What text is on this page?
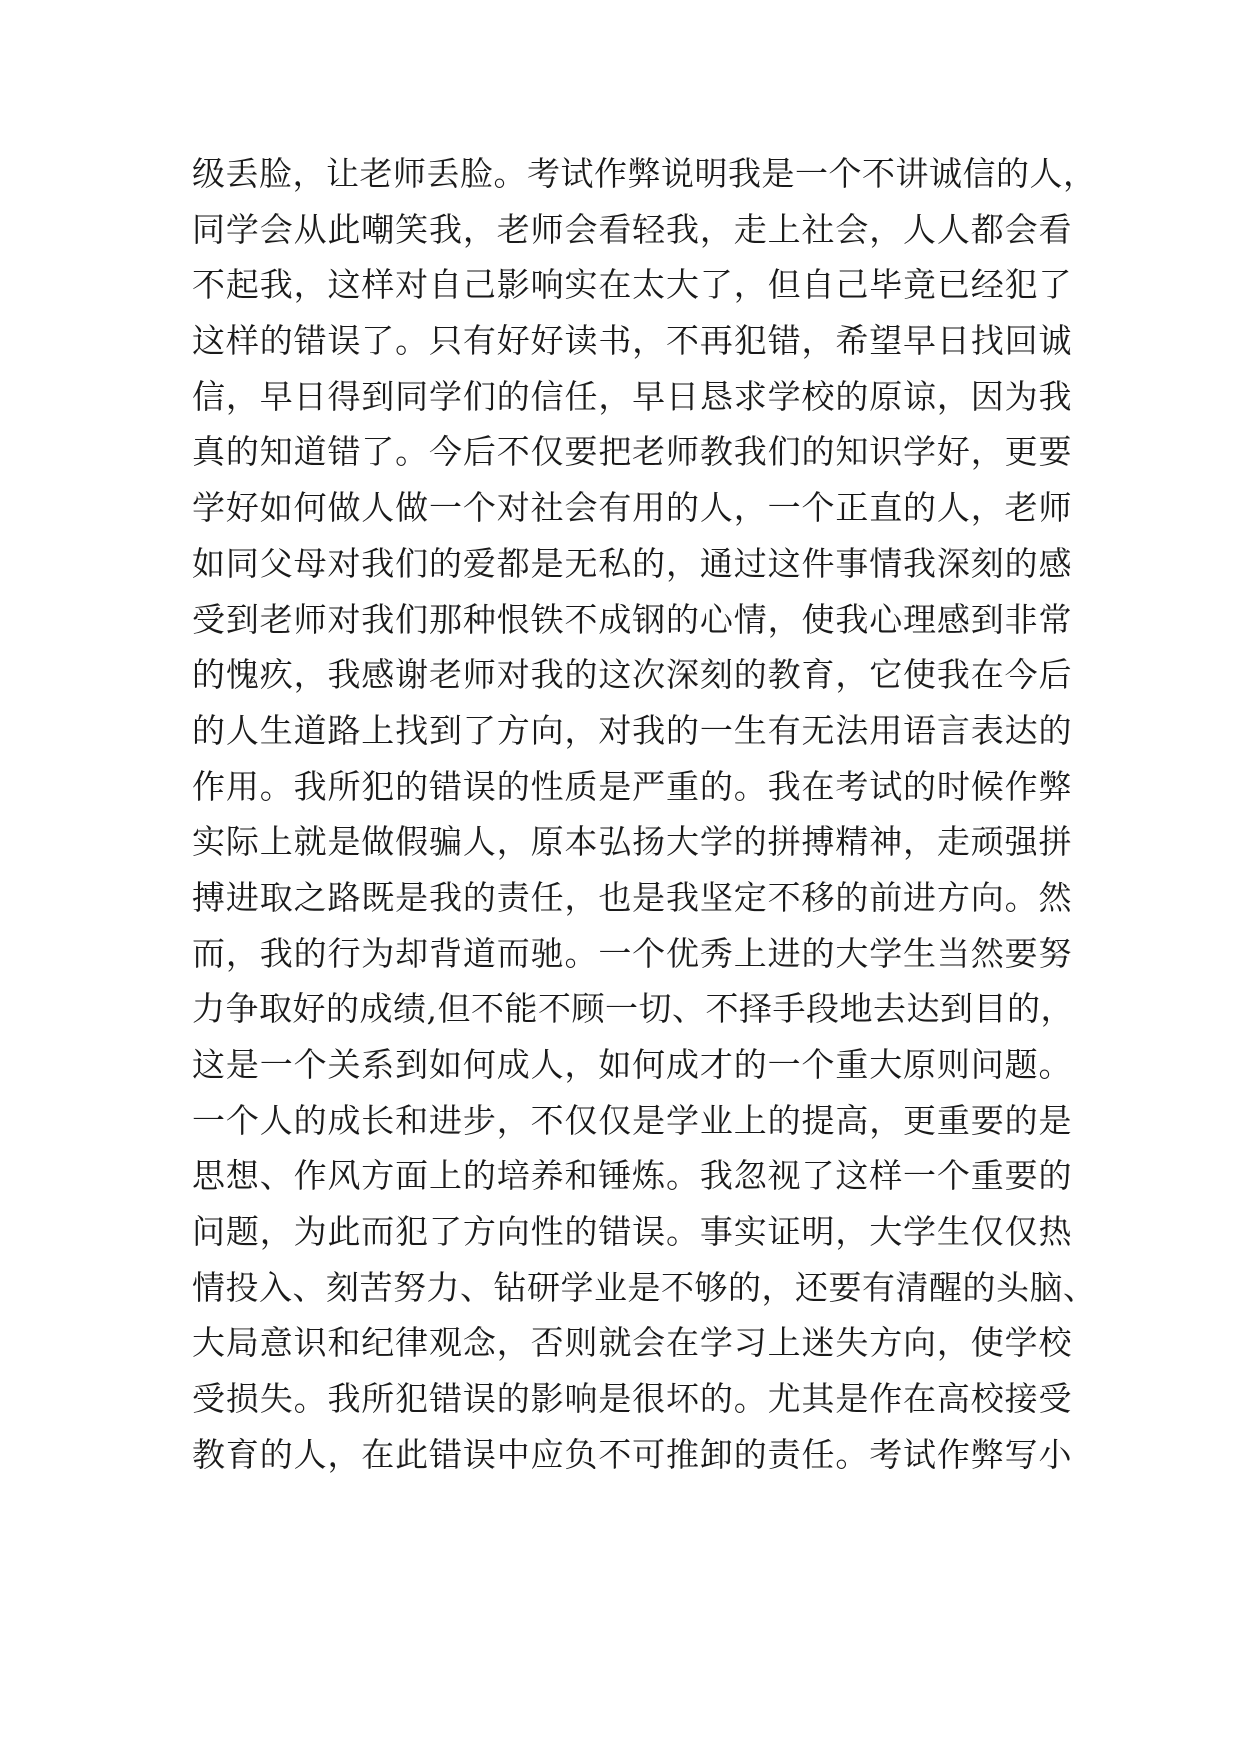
级丢脸，让老师丢脸。考试作弊说明我是一个不讲诚信的人，
同学会从此嘲笑我，老师会看轻我，走上社会，人人都会看
不起我，这样对自己影响实在太大了，但自己毕竟已经犯了
这样的错误了。只有好好读书，不再犯错，希望早日找回诚
信，早日得到同学们的信任，早日恳求学校的原谅，因为我
真的知道错了。今后不仅要把老师教我们的知识学好，更要
学好如何做人做一个对社会有用的人，一个正直的人，老师
如同父母对我们的爱都是无私的，通过这件事情我深刻的感
受到老师对我们那种恨铁不成钢的心情，使我心理感到非常
的愧疚，我感谢老师对我的这次深刻的教育，它使我在今后
的人生道路上找到了方向，对我的一生有无法用语言表达的
作用。我所犯的错误的性质是严重的。我在考试的时候作弊
实际上就是做假骗人，原本弘扬大学的拼搏精神，走顽强拼
搏进取之路既是我的责任，也是我坚定不移的前进方向。然
而，我的行为却背道而驰。一个优秀上进的大学生当然要努
力争取好的成绩,但不能不顾一切、不择手段地去达到目的，
这是一个关系到如何成人，如何成才的一个重大原则问题。
一个人的成长和进步，不仅仅是学业上的提高，更重要的是
思想、作风方面上的培养和锤炼。我忽视了这样一个重要的
问题，为此而犯了方向性的错误。事实证明，大学生仅仅热
情投入、刻苦努力、钻研学业是不够的，还要有清醒的头脑、
大局意识和纪律观念，否则就会在学习上迷失方向，使学校
受损失。我所犯错误的影响是很坏的。尤其是作在高校接受
教育的人，在此错误中应负不可推卸的责任。考试作弊写小
